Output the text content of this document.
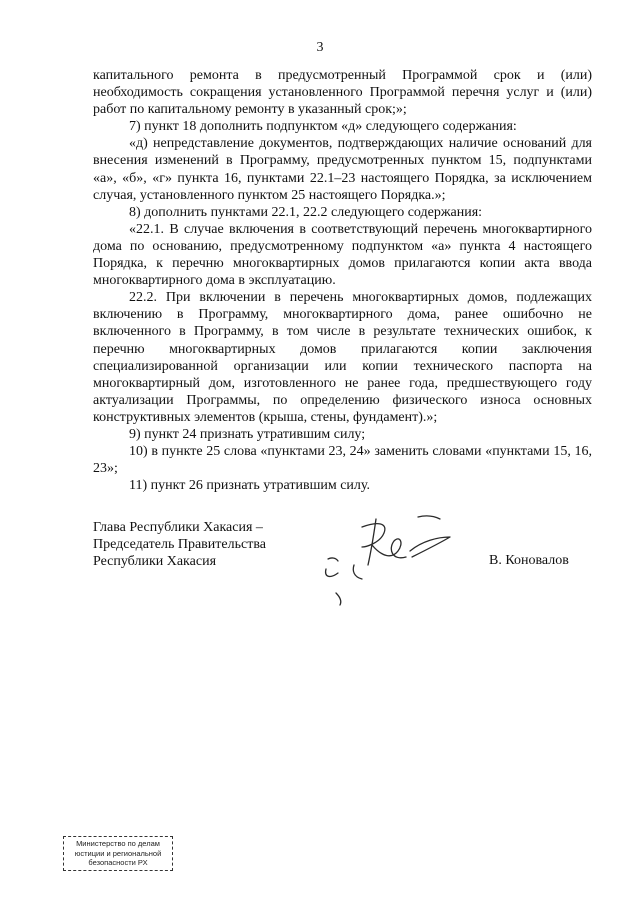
3

капитального ремонта в предусмотренный Программой срок и (или) необходимость сокращения установленного Программой перечня услуг и (или) работ по капитальному ремонту в указанный срок;»;

7) пункт 18 дополнить подпунктом «д» следующего содержания:

«д) непредставление документов, подтверждающих наличие оснований для внесения изменений в Программу, предусмотренных пунктом 15, подпунктами «а», «б», «г» пункта 16, пунктами 22.1–23 настоящего Порядка, за исключением случая, установленного пунктом 25 настоящего Порядка.»;

8) дополнить пунктами 22.1, 22.2 следующего содержания:

«22.1. В случае включения в соответствующий перечень многоквартирного дома по основанию, предусмотренному подпунктом «а» пункта 4 настоящего Порядка, к перечню многоквартирных домов прилагаются копии акта ввода многоквартирного дома в эксплуатацию.

22.2. При включении в перечень многоквартирных домов, подлежащих включению в Программу, многоквартирного дома, ранее ошибочно не включенного в Программу, в том числе в результате технических ошибок, к перечню многоквартирных домов прилагаются копии заключения специализированной организации или копии технического паспорта на многоквартирный дом, изготовленного не ранее года, предшествующего году актуализации Программы, по определению физического износа основных конструктивных элементов (крыша, стены, фундамент).»;

9) пункт 24 признать утратившим силу;

10) в пункте 25 слова «пунктами 23, 24» заменить словами «пунктами 15, 16, 23»;

11) пункт 26 признать утратившим силу.

Глава Республики Хакасия –
Председатель Правительства
Республики Хакасия	В. Коновалов
Министерство по делам
юстиции и региональной
безопасности РХ
